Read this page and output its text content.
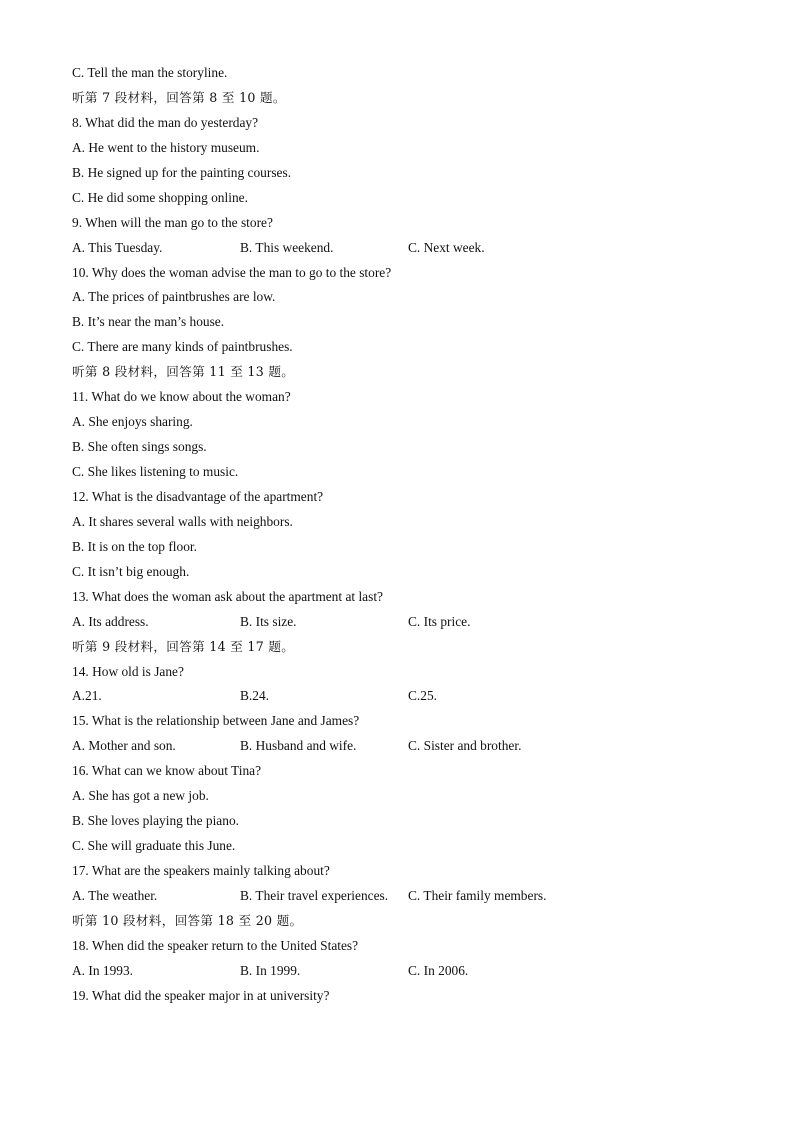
C. Tell the man the storyline.
听第 7 段材料，回答第 8 至 10 题。
8. What did the man do yesterday?
A. He went to the history museum.
B. He signed up for the painting courses.
C. He did some shopping online.
9. When will the man go to the store?
A. This Tuesday.	B. This weekend.	C. Next week.
10. Why does the woman advise the man to go to the store?
A. The prices of paintbrushes are low.
B. It’s near the man’s house.
C. There are many kinds of paintbrushes.
听第 8 段材料，回答第 11 至 13 题。
11. What do we know about the woman?
A. She enjoys sharing.
B. She often sings songs.
C. She likes listening to music.
12. What is the disadvantage of the apartment?
A. It shares several walls with neighbors.
B. It is on the top floor.
C. It isn’t big enough.
13. What does the woman ask about the apartment at last?
A. Its address.	B. Its size.	C. Its price.
听第 9 段材料，回答第 14 至 17 题。
14. How old is Jane?
A.21.	B.24.	C.25.
15. What is the relationship between Jane and James?
A. Mother and son.	B. Husband and wife.	C. Sister and brother.
16. What can we know about Tina?
A. She has got a new job.
B. She loves playing the piano.
C. She will graduate this June.
17. What are the speakers mainly talking about?
A. The weather.	B. Their travel experiences. C. Their family members.
听第 10 段材料，回答第 18 至 20 题。
18. When did the speaker return to the United States?
A. In 1993.	B. In 1999.	C. In 2006.
19. What did the speaker major in at university?
